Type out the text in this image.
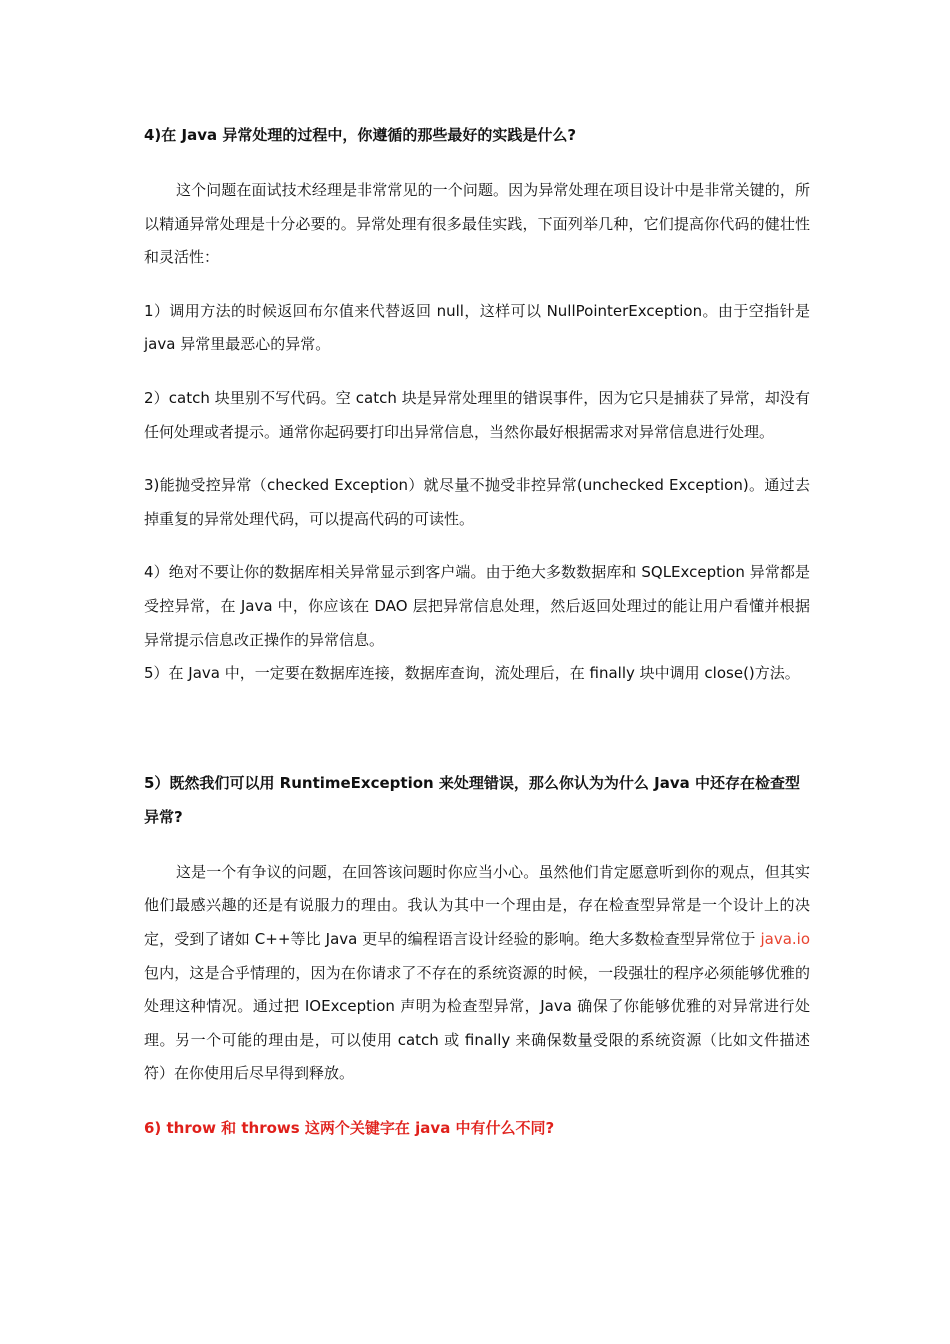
4)在 Java 异常处理的过程中，你遵循的那些最好的实践是什么?

这个问题在面试技术经理是非常常见的一个问题。因为异常处理在项目设计中是非常关键的，所以精通异常处理是十分必要的。异常处理有很多最佳实践，下面列举几种，它们提高你代码的健壮性和灵活性：

1）调用方法的时候返回布尔值来代替返回 null，这样可以 NullPointerException。由于空指针是 java 异常里最恶心的异常。

2）catch 块里别不写代码。空 catch 块是异常处理里的错误事件，因为它只是捕获了异常，却没有任何处理或者提示。通常你起码要打印出异常信息，当然你最好根据需求对异常信息进行处理。

3)能抛受控异常（checked Exception）就尽量不抛受非控异常(unchecked Exception)。通过去掉重复的异常处理代码，可以提高代码的可读性。

4）绝对不要让你的数据库相关异常显示到客户端。由于绝大多数数据库和 SQLException 异常都是受控异常，在 Java 中，你应该在 DAO 层把异常信息处理，然后返回处理过的能让用户看懂并根据异常提示信息改正操作的异常信息。

5）在 Java 中，一定要在数据库连接，数据库查询，流处理后，在 finally 块中调用 close()方法。

5）既然我们可以用 RuntimeException 来处理错误，那么你认为为什么 Java 中还存在检查型异常?

这是一个有争议的问题，在回答该问题时你应当小心。虽然他们肯定愿意听到你的观点，但其实他们最感兴趣的还是有说服力的理由。我认为其中一个理由是，存在检查型异常是一个设计上的决定，受到了诸如 C++等比 Java 更早的编程语言设计经验的影响。绝大多数检查型异常位于 java.io 包内，这是合乎情理的，因为在你请求了不存在的系统资源的时候，一段强壮的程序必须能够优雅的处理这种情况。通过把 IOException 声明为检查型异常，Java 确保了你能够优雅的对异常进行处理。另一个可能的理由是，可以使用 catch 或 finally 来确保数量受限的系统资源（比如文件描述符）在你使用后尽早得到释放。

6) throw 和 throws 这两个关键字在 java 中有什么不同?
